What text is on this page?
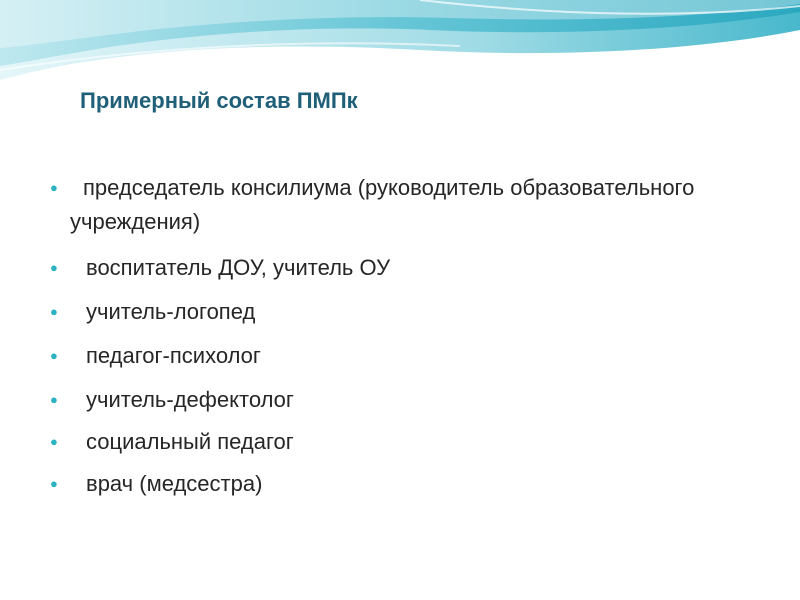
Примерный состав ПМПк
●	председатель консилиума (руководитель образовательного учреждения)
● воспитатель ДОУ, учитель ОУ
● учитель-логопед
● педагог-психолог
● учитель-дефектолог
● социальный педагог
● врач (медсестра)
